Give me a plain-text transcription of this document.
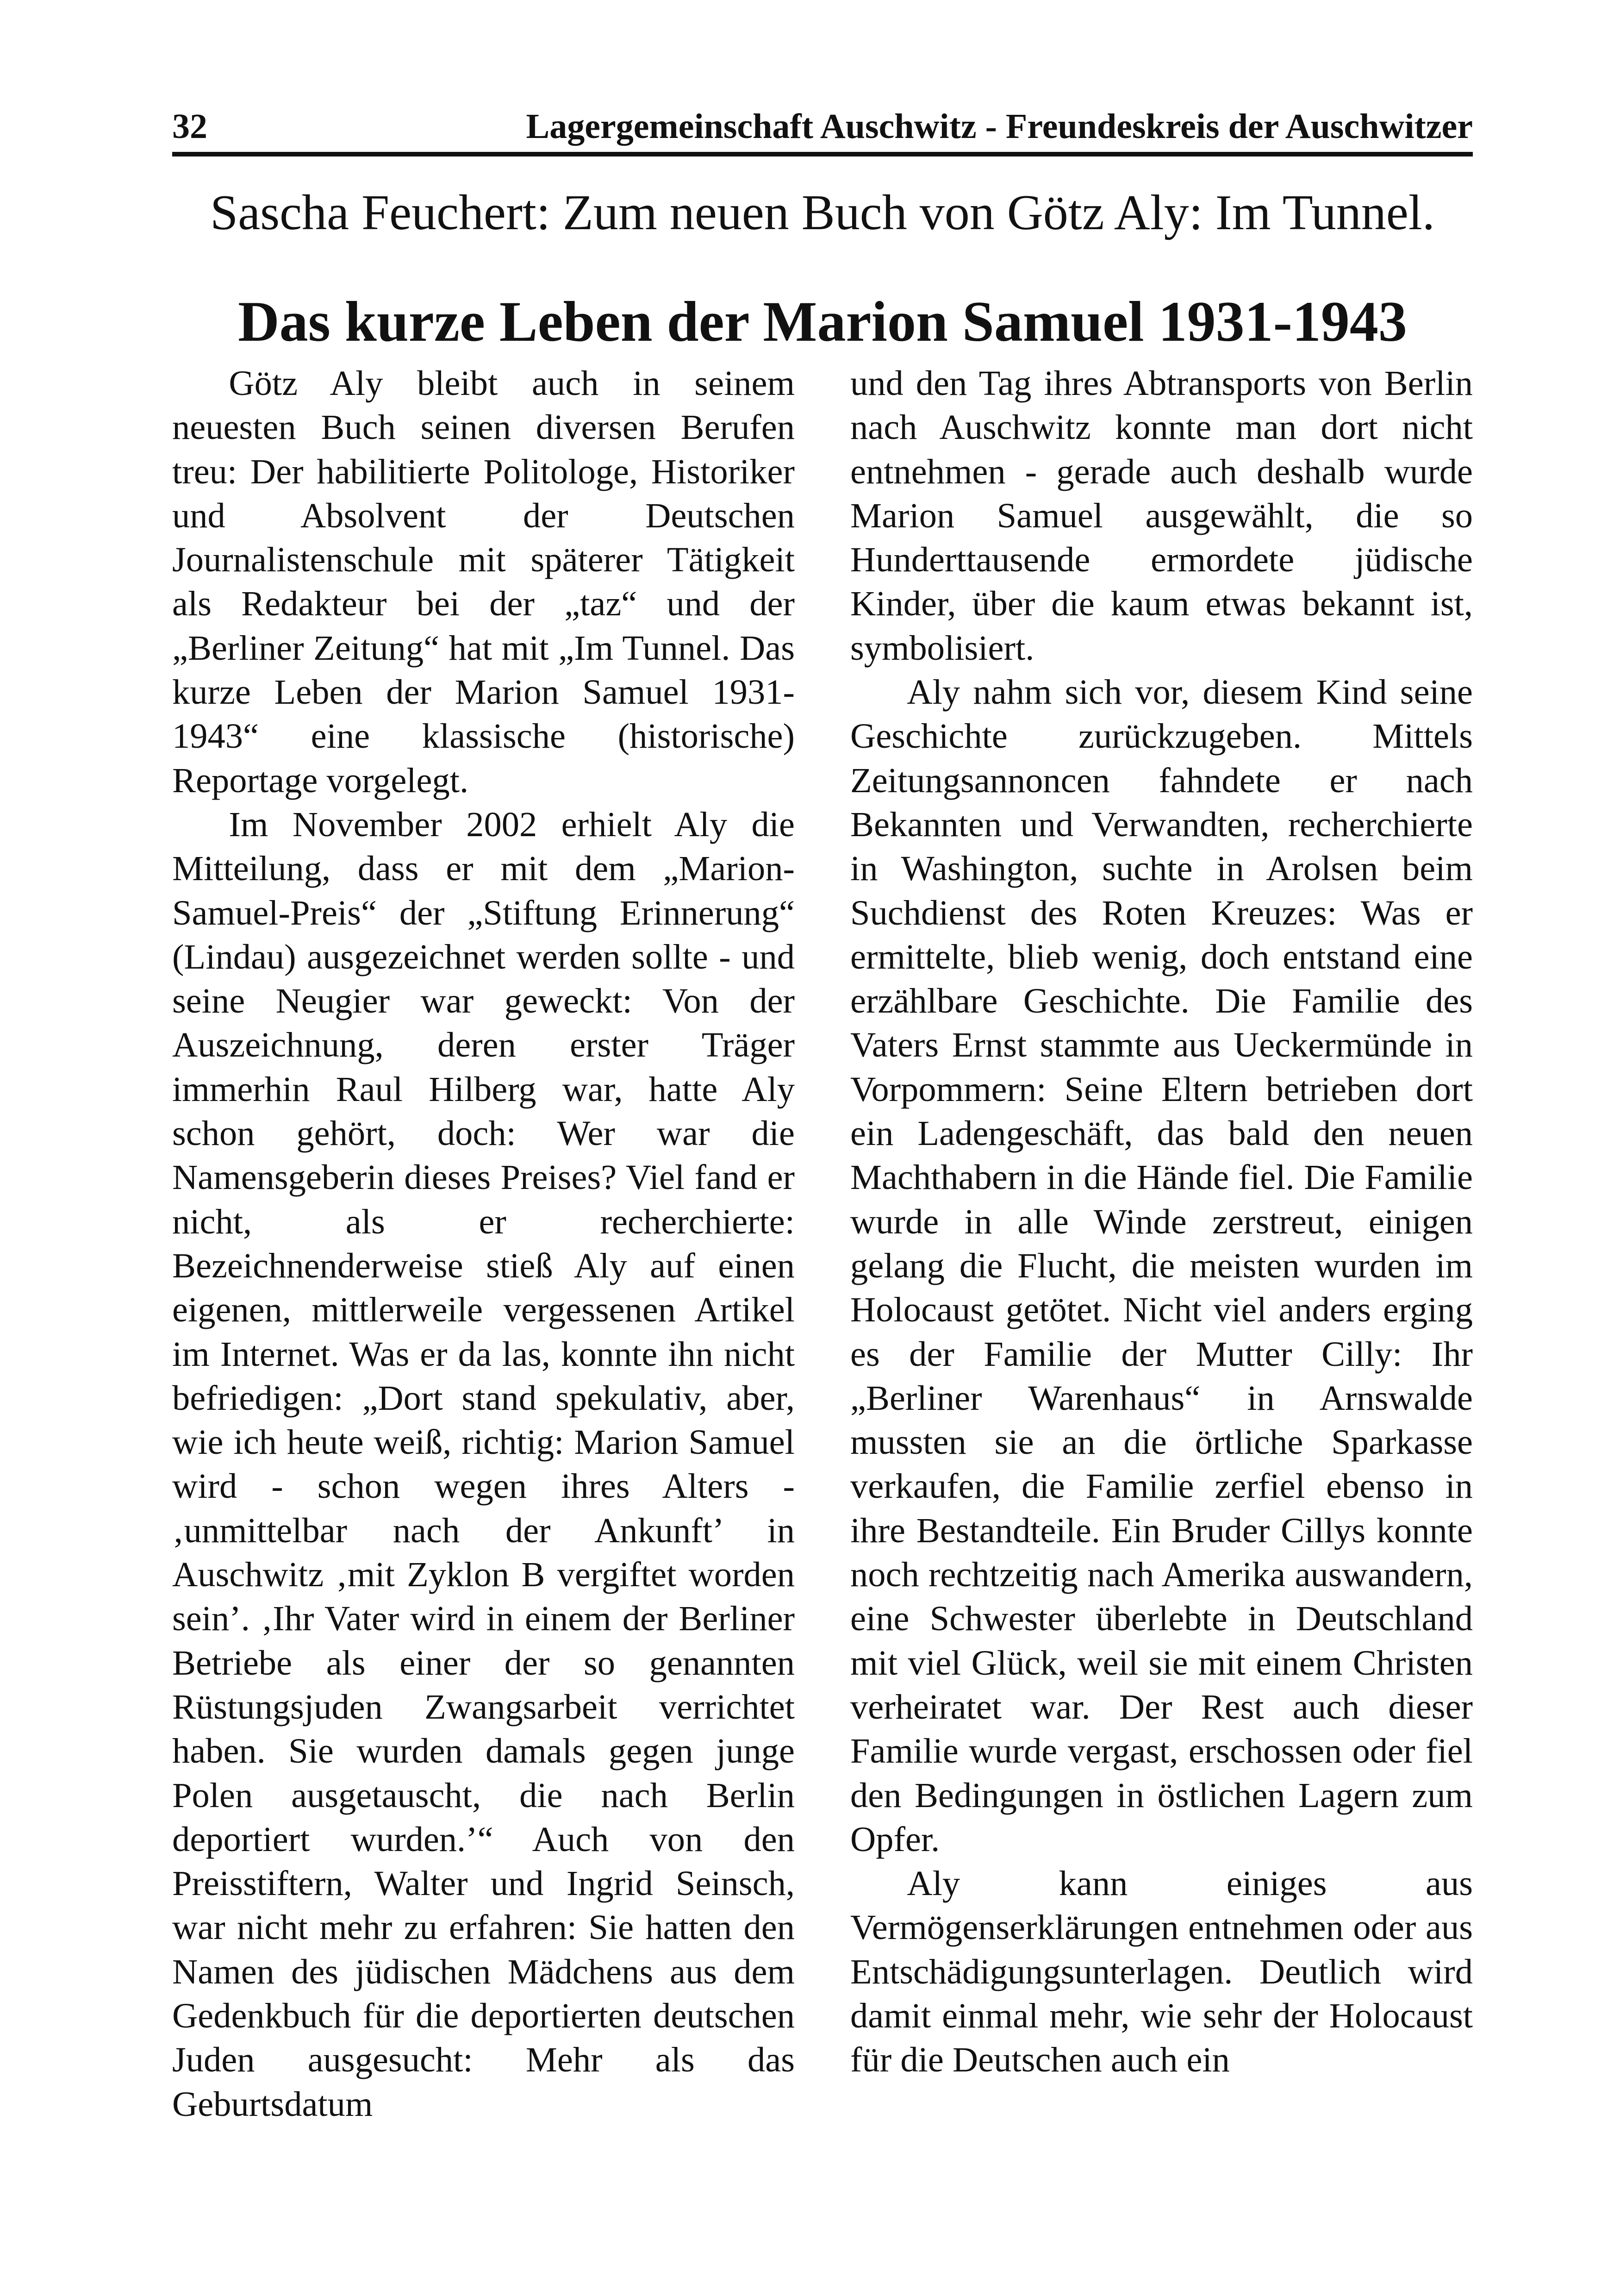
32	Lagergemeinschaft Auschwitz - Freundeskreis der Auschwitzer
Sascha Feuchert: Zum neuen Buch von Götz Aly: Im Tunnel.
Das kurze Leben der Marion Samuel 1931-1943

Götz Aly bleibt auch in seinem neuesten Buch seinen diversen Berufen treu: Der habilitierte Politologe, Historiker und Absolvent der Deutschen Journalistenschule mit späterer Tätigkeit als Redakteur bei der „taz“ und der „Berliner Zeitung“ hat mit „Im Tunnel. Das kurze Leben der Marion Samuel 1931-1943“ eine klassische (historische) Reportage vorgelegt.

Im November 2002 erhielt Aly die Mitteilung, dass er mit dem „Marion-Samuel-Preis“ der „Stiftung Erinnerung“ (Lindau) ausgezeichnet werden sollte - und seine Neugier war geweckt: Von der Auszeichnung, deren erster Träger immerhin Raul Hilberg war, hatte Aly schon gehört, doch: Wer war die Namensgeberin dieses Preises? Viel fand er nicht, als er recherchierte: Bezeichnenderweise stieß Aly auf einen eigenen, mittlerweile vergessenen Artikel im Internet. Was er da las, konnte ihn nicht befriedigen: „Dort stand spekulativ, aber, wie ich heute weiß, richtig: Marion Samuel wird - schon wegen ihres Alters - ‚unmittelbar nach der Ankunft’ in Auschwitz ‚mit Zyklon B vergiftet worden sein’. ‚Ihr Vater wird in einem der Berliner Betriebe als einer der so genannten Rüstungsjuden Zwangsarbeit verrichtet haben. Sie wurden damals gegen junge Polen ausgetauscht, die nach Berlin deportiert wurden.’“ Auch von den Preisstiftern, Walter und Ingrid Seinsch, war nicht mehr zu erfahren: Sie hatten den Namen des jüdischen Mädchens aus dem Gedenkbuch für die deportierten deutschen Juden ausgesucht: Mehr als das Geburtsdatum

und den Tag ihres Abtransports von Berlin nach Auschwitz konnte man dort nicht entnehmen - gerade auch deshalb wurde Marion Samuel ausgewählt, die so Hunderttausende ermordete jüdische Kinder, über die kaum etwas bekannt ist, symbolisiert.

Aly nahm sich vor, diesem Kind seine Geschichte zurückzugeben. Mittels Zeitungsannoncen fahndete er nach Bekannten und Verwandten, recherchierte in Washington, suchte in Arolsen beim Suchdienst des Roten Kreuzes: Was er ermittelte, blieb wenig, doch entstand eine erzählbare Geschichte. Die Familie des Vaters Ernst stammte aus Ueckermünde in Vorpommern: Seine Eltern betrieben dort ein Ladengeschäft, das bald den neuen Machthabern in die Hände fiel. Die Familie wurde in alle Winde zerstreut, einigen gelang die Flucht, die meisten wurden im Holocaust getötet. Nicht viel anders erging es der Familie der Mutter Cilly: Ihr „Berliner Warenhaus“ in Arnswalde mussten sie an die örtliche Sparkasse verkaufen, die Familie zerfiel ebenso in ihre Bestandteile. Ein Bruder Cillys konnte noch rechtzeitig nach Amerika auswandern, eine Schwester überlebte in Deutschland mit viel Glück, weil sie mit einem Christen verheiratet war. Der Rest auch dieser Familie wurde vergast, erschossen oder fiel den Bedingungen in östlichen Lagern zum Opfer.

Aly kann einiges aus Vermögenserklärungen entnehmen oder aus Entschädigungsunterlagen. Deutlich wird damit einmal mehr, wie sehr der Holocaust für die Deutschen auch ein
